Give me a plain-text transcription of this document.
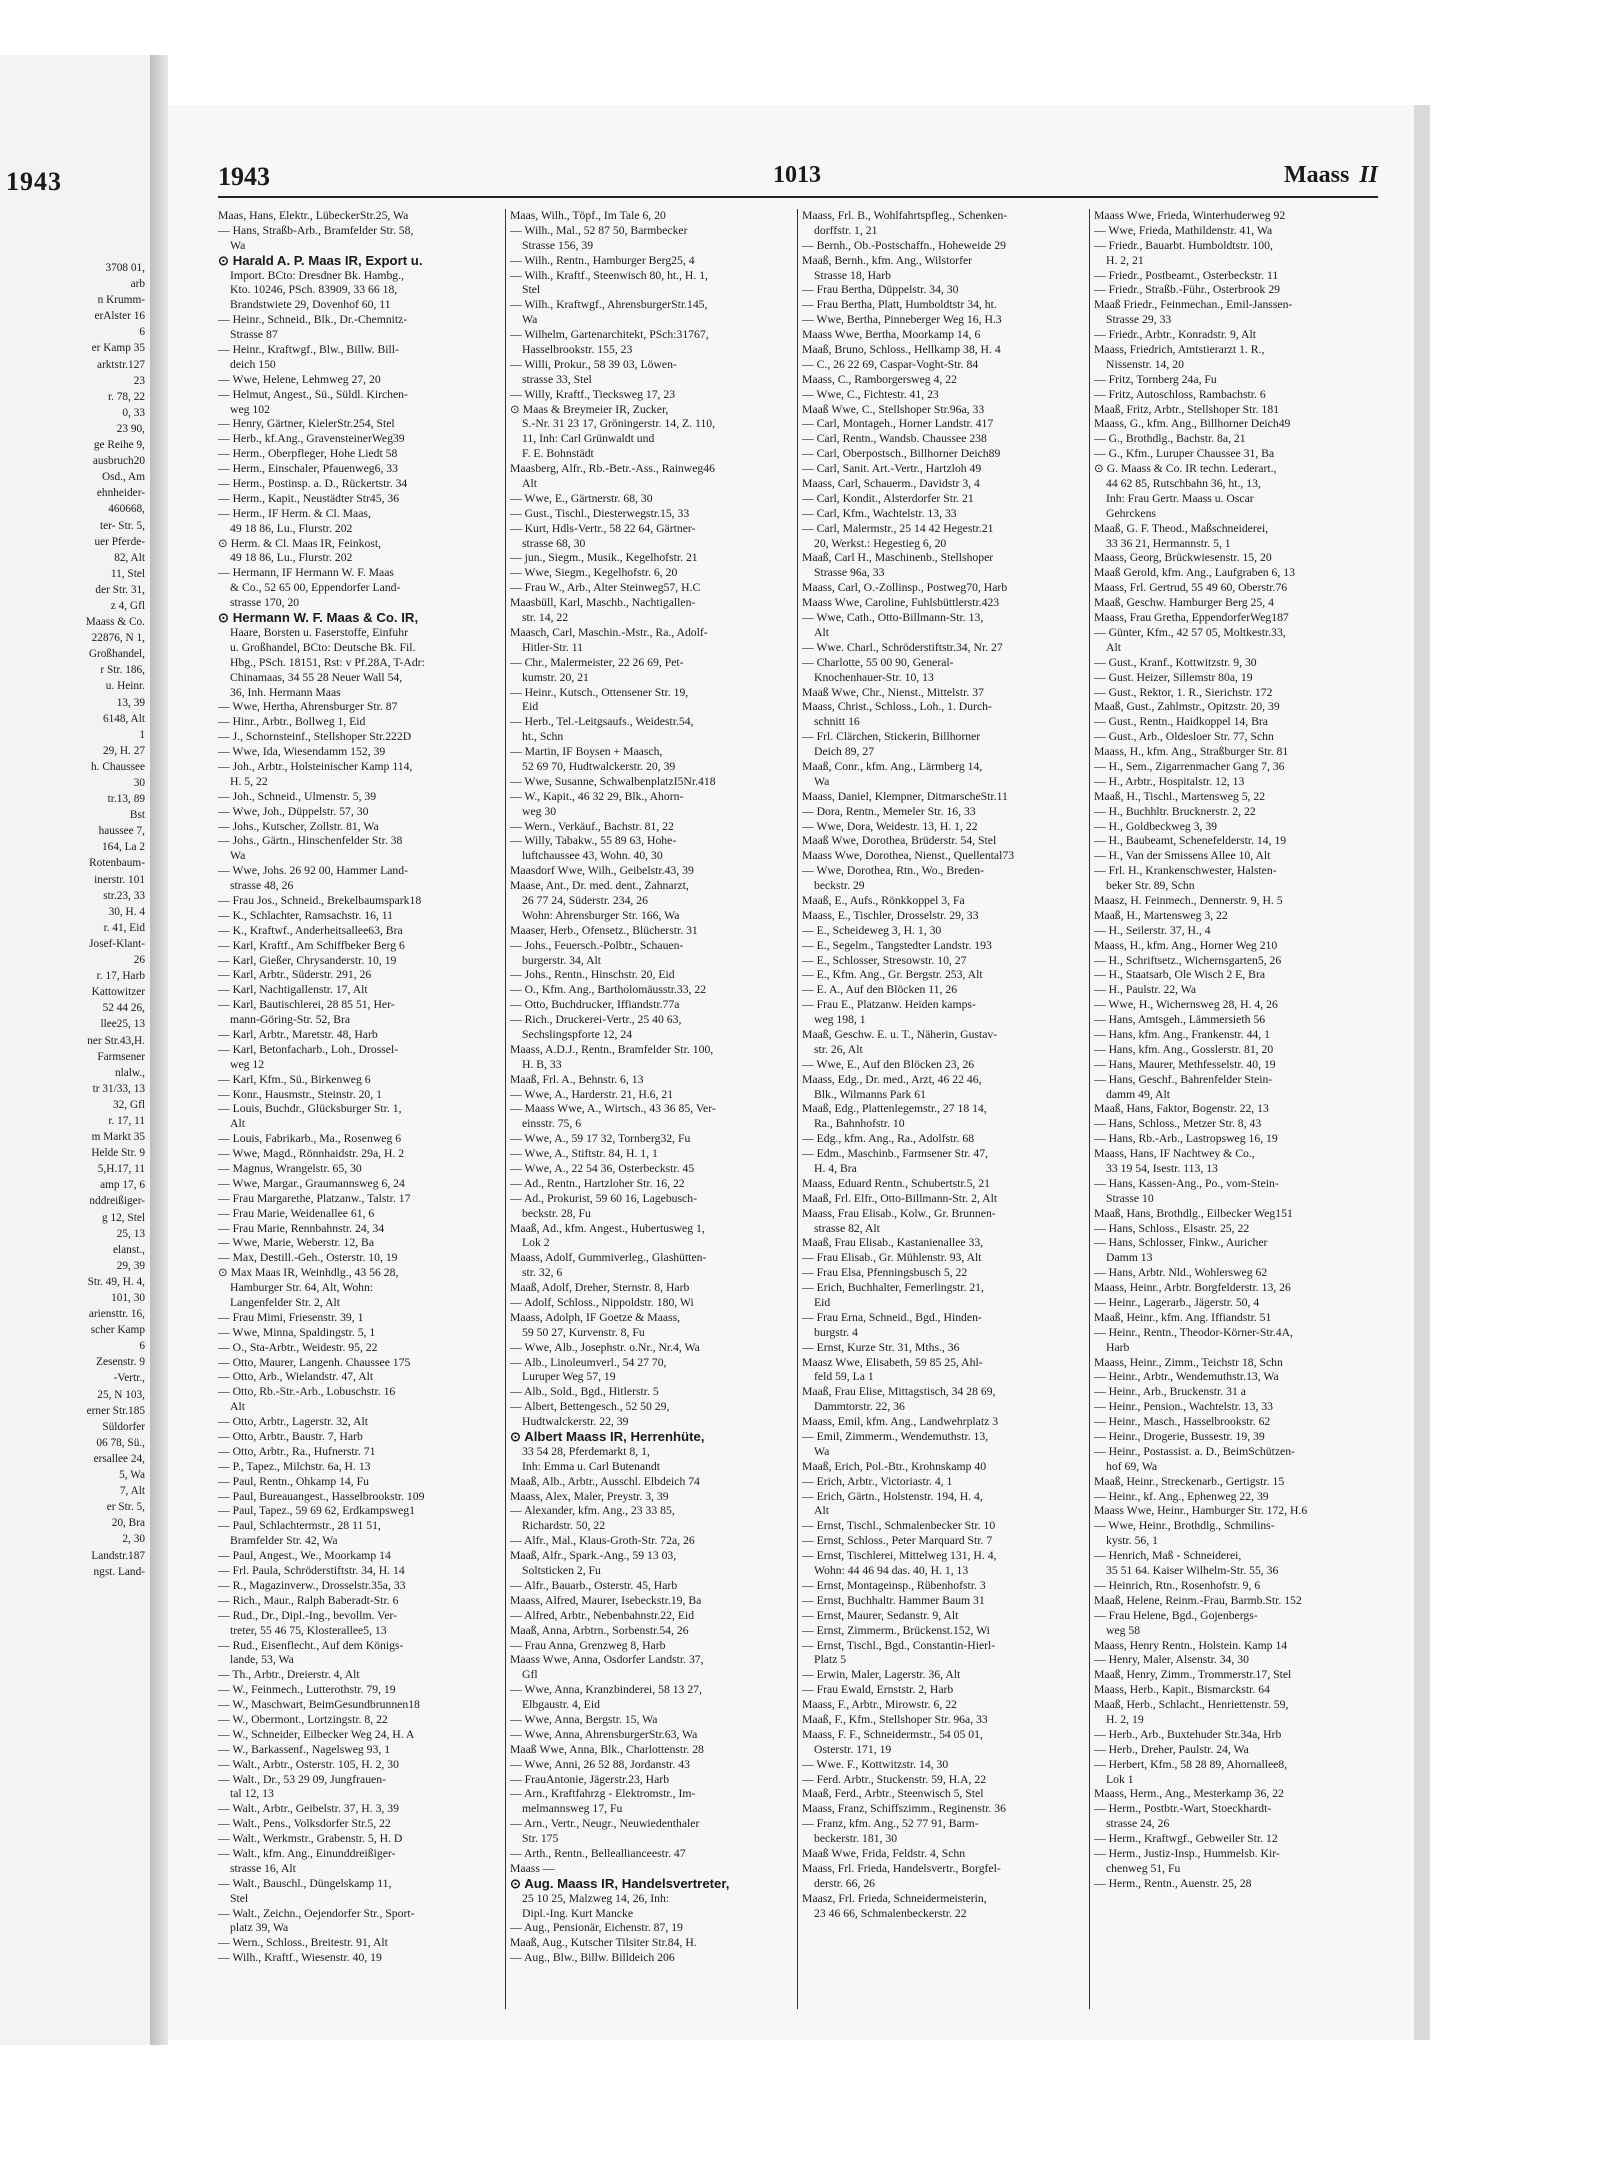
1943
3708 01,
arb
n Krumm-
erAlster 16
6
er Kamp 35
arktstr.127
23
r. 78, 22
0, 33
23 90,
ge Reihe 9,
ausbruch20
Osd., Am
ehnheider-
460668,
ter- Str. 5,
uer Pferde-
82, Alt
11, Stel
der Str. 31,
z 4, Gfl
Maass & Co.
22876, N 1,
Großhandel,
r Str. 186,
u. Heinr.
13, 39
6148, Alt
1
29, H. 27
h. Chaussee
30
tr.13, 89
Bst
haussee 7,
164, La 2
Rotenbaum-
inerstr. 101
str.23, 33
30, H. 4
r. 41, Eid
Josef-Klant-
26
r. 17, Harb
Kattowitzer
52 44 26,
llee25, 13
ner Str.43,H.
Farmsener
nlalw.,
tr 31/33, 13
32, Gfl
r. 17, 11
m Markt 35
Helde Str. 9
5,H.17, 11
amp 17, 6
nddreißiger-
g 12, Stel
25, 13
elanst.,
29, 39
Str. 49, H. 4,
101, 30
ariensttr. 16,
scher Kamp
6
Zesenstr. 9
-Vertr.,
25, N 103,
erner Str.185
Süldorfer
06 78, Sü.,
ersallee 24,
5, Wa
7, Alt
er Str. 5,
20, Bra
2, 30
Landstr.187
ngst. Land-
1943	1013	Maass II
Maas, Hans, Elektr., LübeckerStr.25, Wa
— Hans, Straßb-Arb., Bramfelder Str. 58,
Wa
⊙ Harald A. P. Maas IR, Export u.
Import. BCto: Dresdner Bk. Hambg.,
Kto. 10246, PSch. 83909, 33 66 18,
Brandstwiete 29, Dovenhof 60, 11
— Heinr., Schneid., Blk., Dr.-Chemnitz-
Strasse 87
— Heinr., Kraftwgf., Blw., Billw. Bill-
deich 150
— Wwe, Helene, Lehmweg 27, 20
— Helmut, Angest., Sü., Süldl. Kirchen-
weg 102
— Henry, Gärtner, KielerStr.254, Stel
— Herb., kf.Ang., GravensteinerWeg39
— Herm., Oberpfleger, Hohe Liedt 58
— Herm., Einschaler, Pfauenweg6, 33
— Herm., Postinsp. a. D., Rückertstr. 34
— Herm., Kapit., Neustädter Str45, 36
— Herm., IF Herm. & Cl. Maas,
49 18 86, Lu., Flurstr. 202
⊙ Herm. & Cl. Maas IR, Feinkost,
49 18 86, Lu., Flurstr. 202
— Hermann, IF Hermann W. F. Maas
& Co., 52 65 00, Eppendorfer Land-
strasse 170, 20
⊙ Hermann W. F. Maas & Co. IR,
Haare, Borsten u. Faserstoffe, Einfuhr
u. Großhandel, BCto: Deutsche Bk. Fil.
Hbg., PSch. 18151, Rst: v Pf.28A, T-Adr:
Chinamaas, 34 55 28 Neuer Wall 54,
36, Inh. Hermann Maas
— Wwe, Hertha, Ahrensburger Str. 87
— Hinr., Arbtr., Bollweg 1, Eid
— J., Schornsteinf., Stellshoper Str.222D
— Wwe, Ida, Wiesendamm 152, 39
— Joh., Arbtr., Holsteinischer Kamp 114,
H. 5, 22
— Joh., Schneid., Ulmenstr. 5, 39
— Wwe, Joh., Düppelstr. 57, 30
— Johs., Kutscher, Zollstr. 81, Wa
— Johs., Gärtn., Hinschenfelder Str. 38
Wa
— Wwe, Johs. 26 92 00, Hammer Land-
strasse 48, 26
— Frau Jos., Schneid., Brekelbaumspark18
— K., Schlachter, Ramsachstr. 16, 11
— K., Kraftwf., Anderheitsallee63, Bra
— Karl, Kraftf., Am Schiffbeker Berg 6
— Karl, Gießer, Chrysanderstr. 10, 19
— Karl, Arbtr., Süderstr. 291, 26
— Karl, Nachtigallenstr. 17, Alt
— Karl, Bautischlerei, 28 85 51, Her-
mann-Göring-Str. 52, Bra
— Karl, Arbtr., Maretstr. 48, Harb
— Karl, Betonfacharb., Loh., Drossel-
weg 12
— Karl, Kfm., Sü., Birkenweg 6
— Konr., Hausmstr., Steinstr. 20, 1
— Louis, Buchdr., Glücksburger Str. 1,
Alt
— Louis, Fabrikarb., Ma., Rosenweg 6
— Wwe, Magd., Rönnhaidstr. 29a, H. 2
— Magnus, Wrangelstr. 65, 30
— Wwe, Margar., Graumannsweg 6, 24
— Frau Margarethe, Platzanw., Talstr. 17
— Frau Marie, Weidenallee 61, 6
— Frau Marie, Rennbahnstr. 24, 34
— Wwe, Marie, Weberstr. 12, Ba
— Max, Destill.-Geh., Osterstr. 10, 19
⊙ Max Maas IR, Weinhdlg., 43 56 28,
Hamburger Str. 64, Alt, Wohn:
Langenfelder Str. 2, Alt
— Frau Mimi, Friesenstr. 39, 1
— Wwe, Minna, Spaldingstr. 5, 1
— O., Sta-Arbtr., Weidestr. 95, 22
— Otto, Maurer, Langenh. Chaussee 175
— Otto, Arb., Wielandstr. 47, Alt
— Otto, Rb.-Str.-Arb., Lobuschstr. 16
Alt
— Otto, Arbtr., Lagerstr. 32, Alt
— Otto, Arbtr., Baustr. 7, Harb
— Otto, Arbtr., Ra., Hufnerstr. 71
— P., Tapez., Milchstr. 6a, H. 13
— Paul, Rentn., Ohkamp 14, Fu
— Paul, Bureauangest., Hasselbrookstr. 109
— Paul, Tapez., 59 69 62, Erdkampsweg1
— Paul, Schlachtermstr., 28 11 51,
Bramfelder Str. 42, Wa
— Paul, Angest., We., Moorkamp 14
— Frl. Paula, Schröderstiftstr. 34, H. 14
— R., Magazinverw., Drosselstr.35a, 33
— Rich., Maur., Ralph Baberadt-Str. 6
— Rud., Dr., Dipl.-Ing., bevollm. Ver-
treter, 55 46 75, Klosterallee5, 13
— Rud., Eisenflecht., Auf dem Königs-
lande, 53, Wa
— Th., Arbtr., Dreierstr. 4, Alt
— W., Feinmech., Lutterothstr. 79, 19
— W., Maschwart, BeimGesundbrunnen18
— W., Obermont., Lortzingstr. 8, 22
— W., Schneider, Eilbecker Weg 24, H. A
— W., Barkassenf., Nagelsweg 93, 1
— Walt., Arbtr., Osterstr. 105, H. 2, 30
— Walt., Dr., 53 29 09, Jungfrauen-
tal 12, 13
— Walt., Arbtr., Geibelstr. 37, H. 3, 39
— Walt., Pens., Volksdorfer Str.5, 22
— Walt., Werkmstr., Grabenstr. 5, H. D
— Walt., kfm. Ang., Einunddreißiger-
strasse 16, Alt
— Walt., Bauschl., Düngelskamp 11,
Stel
— Walt., Zeichn., Oejendorfer Str., Sport-
platz 39, Wa
— Wern., Schloss., Breitestr. 91, Alt
— Wilh., Kraftf., Wiesenstr. 40, 19
Maas, Wilh., Töpf., Im Tale 6, 20
— Wilh., Mal., 52 87 50, Barmbecker
Strasse 156, 39
— Wilh., Rentn., Hamburger Berg25, 4
— Wilh., Kraftf., Steenwisch 80, ht., H. 1,
Stel
— Wilh., Kraftwgf., AhrensburgerStr.145,
Wa
— Wilhelm, Gartenarchitekt, PSch:31767,
Hasselbrookstr. 155, 23
— Willi, Prokur., 58 39 03, Löwen-
strasse 33, Stel
— Willy, Kraftf., Tiecksweg 17, 23
⊙ Maas & Breymeier IR, Zucker,
S.-Nr. 31 23 17, Gröningerstr. 14, Z. 110,
11, Inh: Carl Grünwaldt und
F. E. Bohnstädt
Maasberg, Alfr., Rb.-Betr.-Ass., Rainweg46
Alt
— Wwe, E., Gärtnerstr. 68, 30
— Gust., Tischl., Diesterwegstr.15, 33
— Kurt, Hdls-Vertr., 58 22 64, Gärtner-
strasse 68, 30
— jun., Siegm., Musik., Kegelhofstr. 21
— Wwe, Siegm., Kegelhofstr. 6, 20
— Frau W., Arb., Alter Steinweg57, H.C
Maasbüll, Karl, Maschb., Nachtigallen-
str. 14, 22
Maasch, Carl, Maschin.-Mstr., Ra., Adolf-
Hitler-Str. 11
— Chr., Malermeister, 22 26 69, Pet-
kumstr. 20, 21
— Heinr., Kutsch., Ottensener Str. 19,
Eid
— Herb., Tel.-Leitgsaufs., Weidestr.54,
ht., Schn
— Martin, IF Boysen + Maasch,
52 69 70, Hudtwalckerstr. 20, 39
— Wwe, Susanne, SchwalbenplatzI5Nr.418
— W., Kapit., 46 32 29, Blk., Ahorn-
weg 30
— Wern., Verkäuf., Bachstr. 81, 22
— Willy, Tabakw., 55 89 63, Hohe-
luftchaussee 43, Wohn. 40, 30
Maasdorf Wwe, Wilh., Geibelstr.43, 39
Maase, Ant., Dr. med. dent., Zahnarzt,
26 77 24, Süderstr. 234, 26
Wohn: Ahrensburger Str. 166, Wa
Maaser, Herb., Ofensetz., Blücherstr. 31
— Johs., Feuersch.-Polbtr., Schauen-
burgerstr. 34, Alt
— Johs., Rentn., Hinschstr. 20, Eid
— O., Kfm. Ang., Bartholomäusstr.33, 22
— Otto, Buchdrucker, Iffiandstr.77a
— Rich., Druckerei-Vertr., 25 40 63,
Sechslingspforte 12, 24
Maass, A.D.J., Rentn., Bramfelder Str. 100,
H. B, 33
Maaß, Frl. A., Behnstr. 6, 13
— Wwe, A., Harderstr. 21, H.6, 21
— Maass Wwe, A., Wirtsch., 43 36 85, Ver-
einsstr. 75, 6
— Wwe, A., 59 17 32, Tornberg32, Fu
— Wwe, A., Stiftstr. 84, H. 1, 1
— Wwe, A., 22 54 36, Osterbeckstr. 45
— Ad., Rentn., Hartzloher Str. 16, 22
— Ad., Prokurist, 59 60 16, Lagebusch-
beckstr. 28, Fu
Maaß, Ad., kfm. Angest., Hubertusweg 1,
Lok 2
Maass, Adolf, Gummiverleg., Glashütten-
str. 32, 6
Maaß, Adolf, Dreher, Sternstr. 8, Harb
— Adolf, Schloss., Nippoldstr. 180, Wi
Maass, Adolph, IF Goetze & Maass,
59 50 27, Kurvenstr. 8, Fu
— Wwe, Alb., Josephstr. o.Nr., Nr.4, Wa
— Alb., Linoleumverl., 54 27 70,
Luruper Weg 57, 19
— Alb., Sold., Bgd., Hitlerstr. 5
— Albert, Bettengesch., 52 50 29,
Hudtwalckerstr. 22, 39
⊙ Albert Maass IR, Herrenhüte,
33 54 28, Pferdemarkt 8, 1,
Inh: Emma u. Carl Butenandt
Maaß, Alb., Arbtr., Ausschl. Elbdeich 74
Maass, Alex, Maler, Preystr. 3, 39
— Alexander, kfm. Ang., 23 33 85,
Richardstr. 50, 22
— Alfr., Mal., Klaus-Groth-Str. 72a, 26
Maaß, Alfr., Spark.-Ang., 59 13 03,
Soltsticken 2, Fu
— Alfr., Bauarb., Osterstr. 45, Harb
Maass, Alfred, Maurer, Isebeckstr.19, Ba
— Alfred, Arbtr., Nebenbahnstr.22, Eid
Maaß, Anna, Arbtrn., Sorbenstr.54, 26
— Frau Anna, Grenzweg 8, Harb
Maass Wwe, Anna, Osdorfer Landstr. 37,
Gfl
— Wwe, Anna, Kranzbinderei, 58 13 27,
Elbgaustr. 4, Eid
— Wwe, Anna, Bergstr. 15, Wa
— Wwe, Anna, AhrensburgerStr.63, Wa
Maaß Wwe, Anna, Blk., Charlottenstr. 28
— Wwe, Anni, 26 52 88, Jordanstr. 43
— FrauAntonie, Jägerstr.23, Harb
— Arn., Kraftfahrzg - Elektromstr., Im-
melmannsweg 17, Fu
— Arn., Vertr., Neugr., Neuwiedenthaler
Str. 175
— Arth., Rentn., Belleallianceestr. 47
Maass —
⊙ Aug. Maass IR, Handelsvertreter,
25 10 25, Malzweg 14, 26, Inh:
Dipl.-Ing. Kurt Mancke
— Aug., Pensionär, Eichenstr. 87, 19
Maaß, Aug., Kutscher Tilsiter Str.84, H.
— Aug., Blw., Billw. Billdeich 206
Maass, Frl. B., Wohlfahrtspfleg., Schenken-
dorffstr. 1, 21
— Bernh., Ob.-Postschaffn., Hoheweide 29
Maaß, Bernh., kfm. Ang., Wilstorfer
Strasse 18, Harb
— Frau Bertha, Düppelstr. 34, 30
— Frau Bertha, Platt, Humboldtstr 34, ht.
— Wwe, Bertha, Pinneberger Weg 16, H.3
Maass Wwe, Bertha, Moorkamp 14, 6
Maaß, Bruno, Schloss., Hellkamp 38, H. 4
— C., 26 22 69, Caspar-Voght-Str. 84
Maass, C., Ramborgersweg 4, 22
— Wwe, C., Fichtestr. 41, 23
Maaß Wwe, C., Stellshoper Str.96a, 33
— Carl, Montageh., Horner Landstr. 417
— Carl, Rentn., Wandsb. Chaussee 238
— Carl, Oberpostsch., Billhorner Deich89
— Carl, Sanit. Art.-Vertr., Hartzloh 49
Maass, Carl, Schauerm., Davidstr 3, 4
— Carl, Kondit., Alsterdorfer Str. 21
— Carl, Kfm., Wachtelstr. 13, 33
— Carl, Malermstr., 25 14 42 Hegestr.21
20, Werkst.: Hegestieg 6, 20
Maaß, Carl H., Maschinenb., Stellshoper
Strasse 96a, 33
Maass, Carl, O.-Zollinsp., Postweg70, Harb
Maass Wwe, Caroline, Fuhlsbüttlerstr.423
— Wwe, Cath., Otto-Billmann-Str. 13,
Alt
— Wwe. Charl., Schröderstiftstr.34, Nr. 27
— Charlotte, 55 00 90, General-
Knochenhauer-Str. 10, 13
Maaß Wwe, Chr., Nienst., Mittelstr. 37
Maass, Christ., Schloss., Loh., 1. Durch-
schnitt 16
— Frl. Clärchen, Stickerin, Billhorner
Deich 89, 27
Maaß, Conr., kfm. Ang., Lärmberg 14,
Wa
Maass, Daniel, Klempner, DitmarscheStr.11
— Dora, Rentn., Memeler Str. 16, 33
— Wwe, Dora, Weidestr. 13, H. 1, 22
Maaß Wwe, Dorothea, Brüderstr. 54, Stel
Maass Wwe, Dorothea, Nienst., Quellental73
— Wwe, Dorothea, Rtn., Wo., Breden-
beckstr. 29
Maaß, E., Aufs., Rönkkoppel 3, Fa
Maass, E., Tischler, Drosselstr. 29, 33
— E., Scheideweg 3, H. 1, 30
— E., Segelm., Tangstedter Landstr. 193
— E., Schlosser, Stresowstr. 10, 27
— E., Kfm. Ang., Gr. Bergstr. 253, Alt
— E. A., Auf den Blöcken 11, 26
— Frau E., Platzanw. Heiden kamps-
weg 198, 1
Maaß, Geschw. E. u. T., Näherin, Gustav-
str. 26, Alt
— Wwe, E., Auf den Blöcken 23, 26
Maass, Edg., Dr. med., Arzt, 46 22 46,
Blk., Wilmanns Park 61
Maaß, Edg., Plattenlegemstr., 27 18 14,
Ra., Bahnhofstr. 10
— Edg., kfm. Ang., Ra., Adolfstr. 68
— Edm., Maschinb., Farmsener Str. 47,
H. 4, Bra
Maass, Eduard Rentn., Schubertstr.5, 21
Maaß, Frl. Elfr., Otto-Billmann-Str. 2, Alt
Maass, Frau Elisab., Kolw., Gr. Brunnen-
strasse 82, Alt
Maaß, Frau Elisab., Kastanienallee 33,
— Frau Elisab., Gr. Mühlenstr. 93, Alt
— Frau Elsa, Pfenningsbusch 5, 22
— Erich, Buchhalter, Femerlingstr. 21,
Eid
— Frau Erna, Schneid., Bgd., Hinden-
burgstr. 4
— Ernst, Kurze Str. 31, Mths., 36
Maasz Wwe, Elisabeth, 59 85 25, Ahl-
feld 59, La 1
Maaß, Frau Elise, Mittagstisch, 34 28 69,
Dammtorstr. 22, 36
Maass, Emil, kfm. Ang., Landwehrplatz 3
— Emil, Zimmerm., Wendemuthstr. 13,
Wa
Maaß, Erich, Pol.-Btr., Krohnskamp 40
— Erich, Arbtr., Victoriastr. 4, 1
— Erich, Gärtn., Holstenstr. 194, H. 4,
Alt
— Ernst, Tischl., Schmalenbecker Str. 10
— Ernst, Schloss., Peter Marquard Str. 7
— Ernst, Tischlerei, Mittelweg 131, H. 4,
Wohn: 44 46 94 das. 40, H. 1, 13
— Ernst, Montageinsp., Rübenhofstr. 3
— Ernst, Buchhaltr. Hammer Baum 31
— Ernst, Maurer, Sedanstr. 9, Alt
— Ernst, Zimmerm., Brückenst.152, Wi
— Ernst, Tischl., Bgd., Constantin-Hierl-
Platz 5
— Erwin, Maler, Lagerstr. 36, Alt
— Frau Ewald, Ernststr. 2, Harb
Maass, F., Arbtr., Mirowstr. 6, 22
Maaß, F., Kfm., Stellshoper Str. 96a, 33
Maass, F. F., Schneidermstr., 54 05 01,
Osterstr. 171, 19
— Wwe. F., Kottwitzstr. 14, 30
— Ferd. Arbtr., Stuckenstr. 59, H.A, 22
Maaß, Ferd., Arbtr., Steenwisch 5, Stel
Maass, Franz, Schiffszimm., Reginenstr. 36
— Franz, kfm. Ang., 52 77 91, Barm-
beckerstr. 181, 30
Maaß Wwe, Frida, Feldstr. 4, Schn
Maass, Frl. Frieda, Handelsvertr., Borgfel-
derstr. 66, 26
Maasz, Frl. Frieda, Schneidermeisterin,
23 46 66, Schmalenbeckerstr. 22
Maass Wwe, Frieda, Winterhuderweg 92
— Wwe, Frieda, Mathildenstr. 41, Wa
— Friedr., Bauarbt. Humboldtstr. 100,
H. 2, 21
— Friedr., Postbeamt., Osterbeckstr. 11
— Friedr., Straßb.-Führ., Osterbrook 29
Maaß Friedr., Feinmechan., Emil-Janssen-
Strasse 29, 33
— Friedr., Arbtr., Konradstr. 9, Alt
Maass, Friedrich, Amtstierarzt 1. R.,
Nissenstr. 14, 20
— Fritz, Tornberg 24a, Fu
— Fritz, Autoschloss, Rambachstr. 6
Maaß, Fritz, Arbtr., Stellshoper Str. 181
Maass, G., kfm. Ang., Billhorner Deich49
— G., Brothdlg., Bachstr. 8a, 21
— G., Kfm., Luruper Chaussee 31, Ba
⊙ G. Maass & Co. IR techn. Lederart.,
44 62 85, Rutschbahn 36, ht., 13,
Inh: Frau Gertr. Maass u. Oscar
Gehrckens
Maaß, G. F. Theod., Maßschneiderei,
33 36 21, Hermannstr. 5, 1
Maass, Georg, Brückwiesenstr. 15, 20
Maaß Gerold, kfm. Ang., Laufgraben 6, 13
Maass, Frl. Gertrud, 55 49 60, Oberstr.76
Maaß, Geschw. Hamburger Berg 25, 4
Maass, Frau Gretha, EppendorferWeg187
— Günter, Kfm., 42 57 05, Moltkestr.33,
Alt
— Gust., Kranf., Kottwitzstr. 9, 30
— Gust. Heizer, Sillemstr 80a, 19
— Gust., Rektor, 1. R., Sierichstr. 172
Maaß, Gust., Zahlmstr., Opitzstr. 20, 39
— Gust., Rentn., Haidkoppel 14, Bra
— Gust., Arb., Oldesloer Str. 77, Schn
Maass, H., kfm. Ang., Straßburger Str. 81
— H., Sem., Zigarrenmacher Gang 7, 36
— H., Arbtr., Hospitalstr. 12, 13
Maaß, H., Tischl., Martensweg 5, 22
— H., Buchhltr. Brucknerstr. 2, 22
— H., Goldbeckweg 3, 39
— H., Baubeamt, Schenefelderstr. 14, 19
— H., Van der Smissens Allee 10, Alt
— Frl. H., Krankenschwester, Halsten-
beker Str. 89, Schn
Maasz, H. Feinmech., Dennerstr. 9, H. 5
Maaß, H., Martensweg 3, 22
— H., Seilerstr. 37, H., 4
Maass, H., kfm. Ang., Horner Weg 210
— H., Schriftsetz., Wichernsgarten5, 26
— H., Staatsarb, Ole Wisch 2 E, Bra
— H., Paulstr. 22, Wa
— Wwe, H., Wichernsweg 28, H. 4, 26
— Hans, Amtsgeh., Lämmersieth 56
— Hans, kfm. Ang., Frankenstr. 44, 1
— Hans, kfm. Ang., Gosslerstr. 81, 20
— Hans, Maurer, Methfesselstr. 40, 19
— Hans, Geschf., Bahrenfelder Stein-
damm 49, Alt
Maaß, Hans, Faktor, Bogenstr. 22, 13
— Hans, Schloss., Metzer Str. 8, 43
— Hans, Rb.-Arb., Lastropsweg 16, 19
Maass, Hans, IF Nachtwey & Co.,
33 19 54, Isestr. 113, 13
— Hans, Kassen-Ang., Po., vom-Stein-
Strasse 10
Maaß, Hans, Brothdlg., Eilbecker Weg151
— Hans, Schloss., Elsastr. 25, 22
— Hans, Schlosser, Finkw., Auricher
Damm 13
— Hans, Arbtr. Nld., Wohlersweg 62
Maass, Heinr., Arbtr. Borgfelderstr. 13, 26
— Heinr., Lagerarb., Jägerstr. 50, 4
Maaß, Heinr., kfm. Ang. Iffiandstr. 51
— Heinr., Rentn., Theodor-Körner-Str.4A,
Harb
Maass, Heinr., Zimm., Teichstr 18, Schn
— Heinr., Arbtr., Wendemuthstr.13, Wa
— Heinr., Arb., Bruckenstr. 31 a
— Heinr., Pension., Wachtelstr. 13, 33
— Heinr., Masch., Hasselbrookstr. 62
— Heinr., Drogerie, Bussestr. 19, 39
— Heinr., Postassist. a. D., BeimSchützen-
hof 69, Wa
Maaß, Heinr., Streckenarb., Gertigstr. 15
— Heinr., kf. Ang., Ephenweg 22, 39
Maass Wwe, Heinr., Hamburger Str. 172, H.6
— Wwe, Heinr., Brothdlg., Schmilins-
kystr. 56, 1
— Henrich, Maß - Schneiderei,
35 51 64. Kaiser Wilhelm-Str. 55, 36
— Heinrich, Rtn., Rosenhofstr. 9, 6
Maaß, Helene, Reinm.-Frau, Barmb.Str. 152
— Frau Helene, Bgd., Gojenbergs-
weg 58
Maass, Henry Rentn., Holstein. Kamp 14
— Henry, Maler, Alsenstr. 34, 30
Maaß, Henry, Zimm., Trommerstr.17, Stel
Maass, Herb., Kapit., Bismarckstr. 64
Maaß, Herb., Schlacht., Henriettenstr. 59,
H. 2, 19
— Herb., Arb., Buxtehuder Str.34a, Hrb
— Herb., Dreher, Paulstr. 24, Wa
— Herbert, Kfm., 58 28 89, Ahornallee8,
Lok 1
Maass, Herm., Ang., Mesterkamp 36, 22
— Herm., Postbtr.-Wart, Stoeckhardt-
strasse 24, 26
— Herm., Kraftwgf., Gebweiler Str. 12
— Herm., Justiz-Insp., Hummelsb. Kir-
chenweg 51, Fu
— Herm., Rentn., Auenstr. 25, 28
